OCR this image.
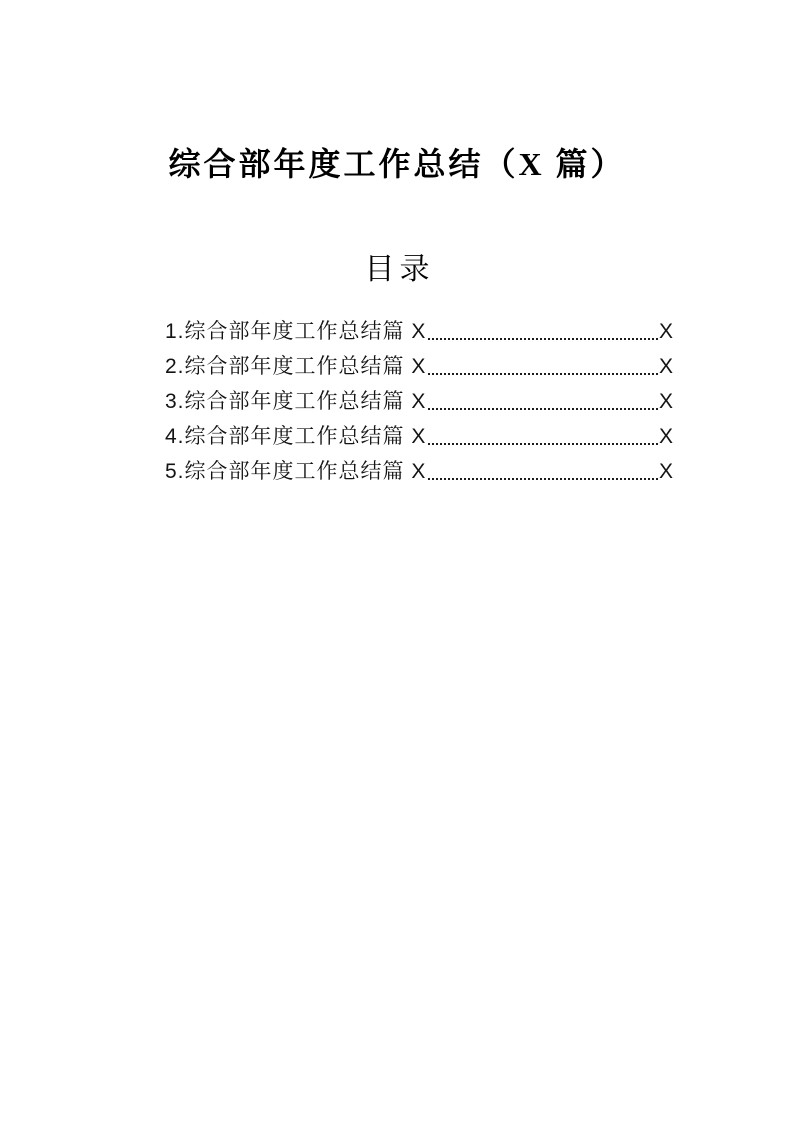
综合部年度工作总结（X 篇）
目录
1.综合部年度工作总结篇 X	X
2.综合部年度工作总结篇 X	X
3.综合部年度工作总结篇 X	X
4.综合部年度工作总结篇 X	X
5.综合部年度工作总结篇 X	X
